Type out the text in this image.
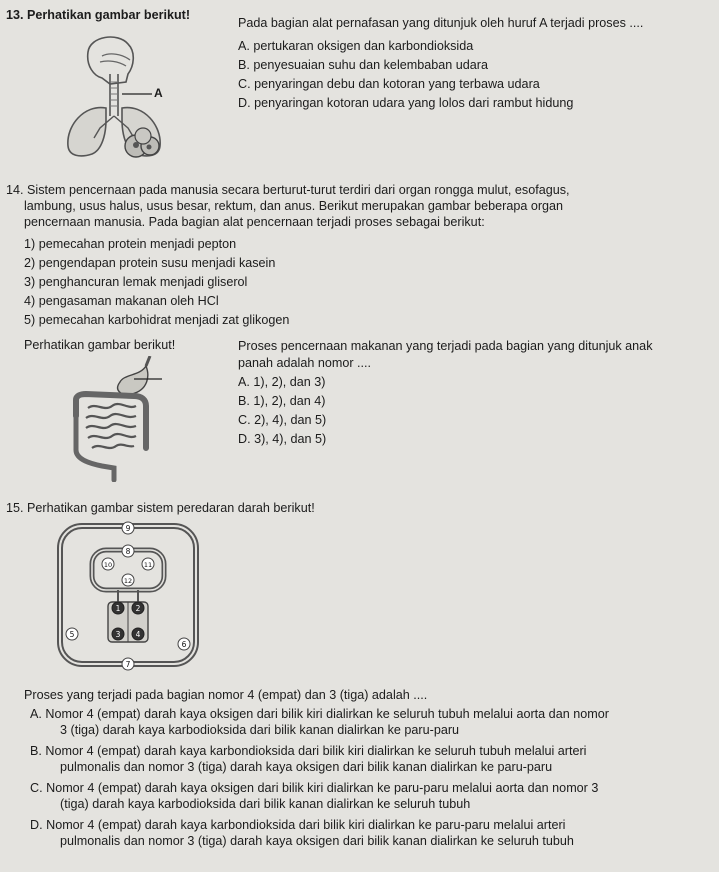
13. Perhatikan gambar berikut!
A
Pada bagian alat pernafasan yang ditunjuk oleh huruf A terjadi proses ....
A. pertukaran oksigen dan karbondioksida
B. penyesuaian suhu dan kelembaban udara
C. penyaringan debu dan kotoran yang terbawa udara
D. penyaringan kotoran udara yang lolos dari rambut hidung
14. Sistem pencernaan pada manusia secara berturut-turut terdiri dari organ rongga mulut, esofagus,
lambung, usus halus, usus besar, rektum, dan anus. Berikut merupakan gambar beberapa organ
pencernaan manusia. Pada bagian alat pencernaan terjadi proses sebagai berikut:
1) pemecahan protein menjadi pepton
2) pengendapan protein susu menjadi kasein
3) penghancuran lemak menjadi gliserol
4) pengasaman makanan oleh HCl
5) pemecahan karbohidrat menjadi zat glikogen
Perhatikan gambar berikut!	Proses pencernaan makanan yang terjadi pada bagian yang ditunjuk anak
panah adalah nomor ....
A. 1), 2), dan 3)
B. 1), 2), dan 4)
C. 2), 4), dan 5)
D. 3), 4), dan 5)
15. Perhatikan gambar sistem peredaran darah berikut!
9
8
10	11
12
1 2
5	3 4
6
7
Proses yang terjadi pada bagian nomor 4 (empat) dan 3 (tiga) adalah ....
A. Nomor 4 (empat) darah kaya oksigen dari bilik kiri dialirkan ke seluruh tubuh melalui aorta dan nomor
3 (tiga) darah kaya karbodioksida dari bilik kanan dialirkan ke paru-paru
B. Nomor 4 (empat) darah kaya karbondioksida dari bilik kiri dialirkan ke seluruh tubuh melalui arteri
pulmonalis dan nomor 3 (tiga) darah kaya oksigen dari bilik kanan dialirkan ke paru-paru
C. Nomor 4 (empat) darah kaya oksigen dari bilik kiri dialirkan ke paru-paru melalui aorta dan nomor 3
(tiga) darah kaya karbodioksida dari bilik kanan dialirkan ke seluruh tubuh
D. Nomor 4 (empat) darah kaya karbondioksida dari bilik kiri dialirkan ke paru-paru melalui arteri
pulmonalis dan nomor 3 (tiga) darah kaya oksigen dari bilik kanan dialirkan ke seluruh tubuh
